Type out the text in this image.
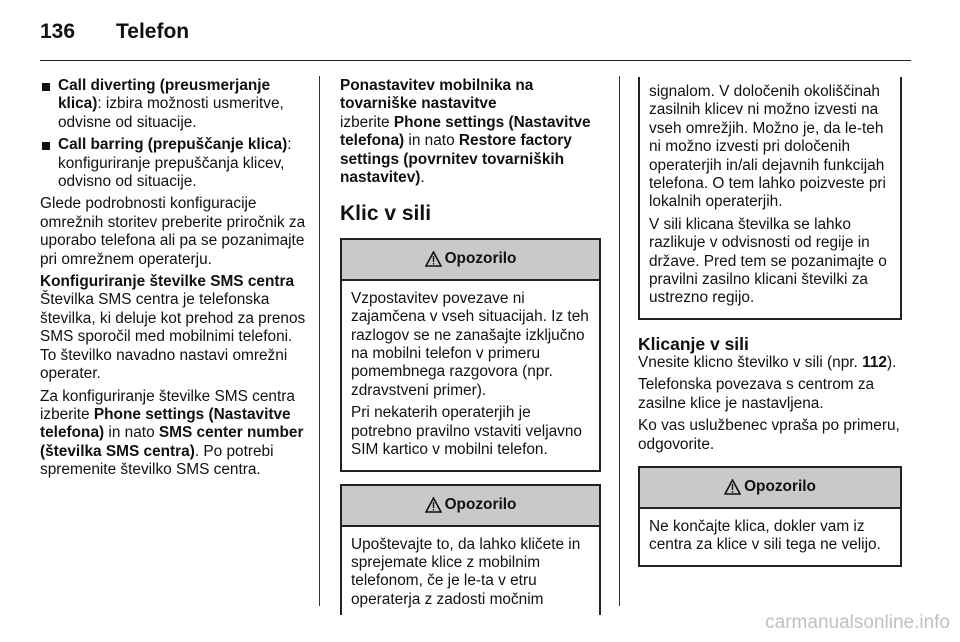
136 Telefon
Call diverting (preusmerjanje klica): izbira možnosti usmeritve, odvisne od situacije.
Call barring (prepuščanje klica): konfiguriranje prepuščanja klicev, odvisno od situacije.

Glede podrobnosti konfiguracije omrežnih storitev preberite priročnik za uporabo telefona ali pa se pozanimajte pri omrežnem operaterju.

Konfiguriranje številke SMS centra

Številka SMS centra je telefonska številka, ki deluje kot prehod za prenos SMS sporočil med mobilnimi telefoni. To številko navadno nastavi omrežni operater.

Za konfiguriranje številke SMS centra izberite Phone settings (Nastavitve telefona) in nato SMS center number (številka SMS centra). Po potrebi spremenite številko SMS centra.

Ponastavitev mobilnika na tovarniške nastavitve

izberite Phone settings (Nastavitve telefona) in nato Restore factory settings (povrnitev tovarniških nastavitev).

Klic v sili
Opozorilo

Vzpostavitev povezave ni zajamčena v vseh situacijah. Iz teh razlogov se ne zanašajte izključno na mobilni telefon v primeru pomembnega razgovora (npr. zdravstveni primer).

Pri nekaterih operaterjih je potrebno pravilno vstaviti veljavno SIM kartico v mobilni telefon.

Opozorilo

Upoštevajte to, da lahko kličete in sprejemate klice z mobilnim telefonom, če je le-ta v etru operaterja z zadosti močnim

signalom. V določenih okoliščinah zasilnih klicev ni možno izvesti na vseh omrežjih. Možno je, da le-teh ni možno izvesti pri določenih operaterjih in/ali dejavnih funkcijah telefona. O tem lahko poizveste pri lokalnih operaterjih.

V sili klicana številka se lahko razlikuje v odvisnosti od regije in države. Pred tem se pozanimajte o pravilni zasilno klicani številki za ustrezno regijo.

Klicanje v sili

Vnesite klicno številko v sili (npr. 112).

Telefonska povezava s centrom za zasilne klice je nastavljena.

Ko vas uslužbenec vpraša po primeru, odgovorite.

Opozorilo

Ne končajte klica, dokler vam iz centra za klice v sili tega ne velijo.

carmanualsonline.info
